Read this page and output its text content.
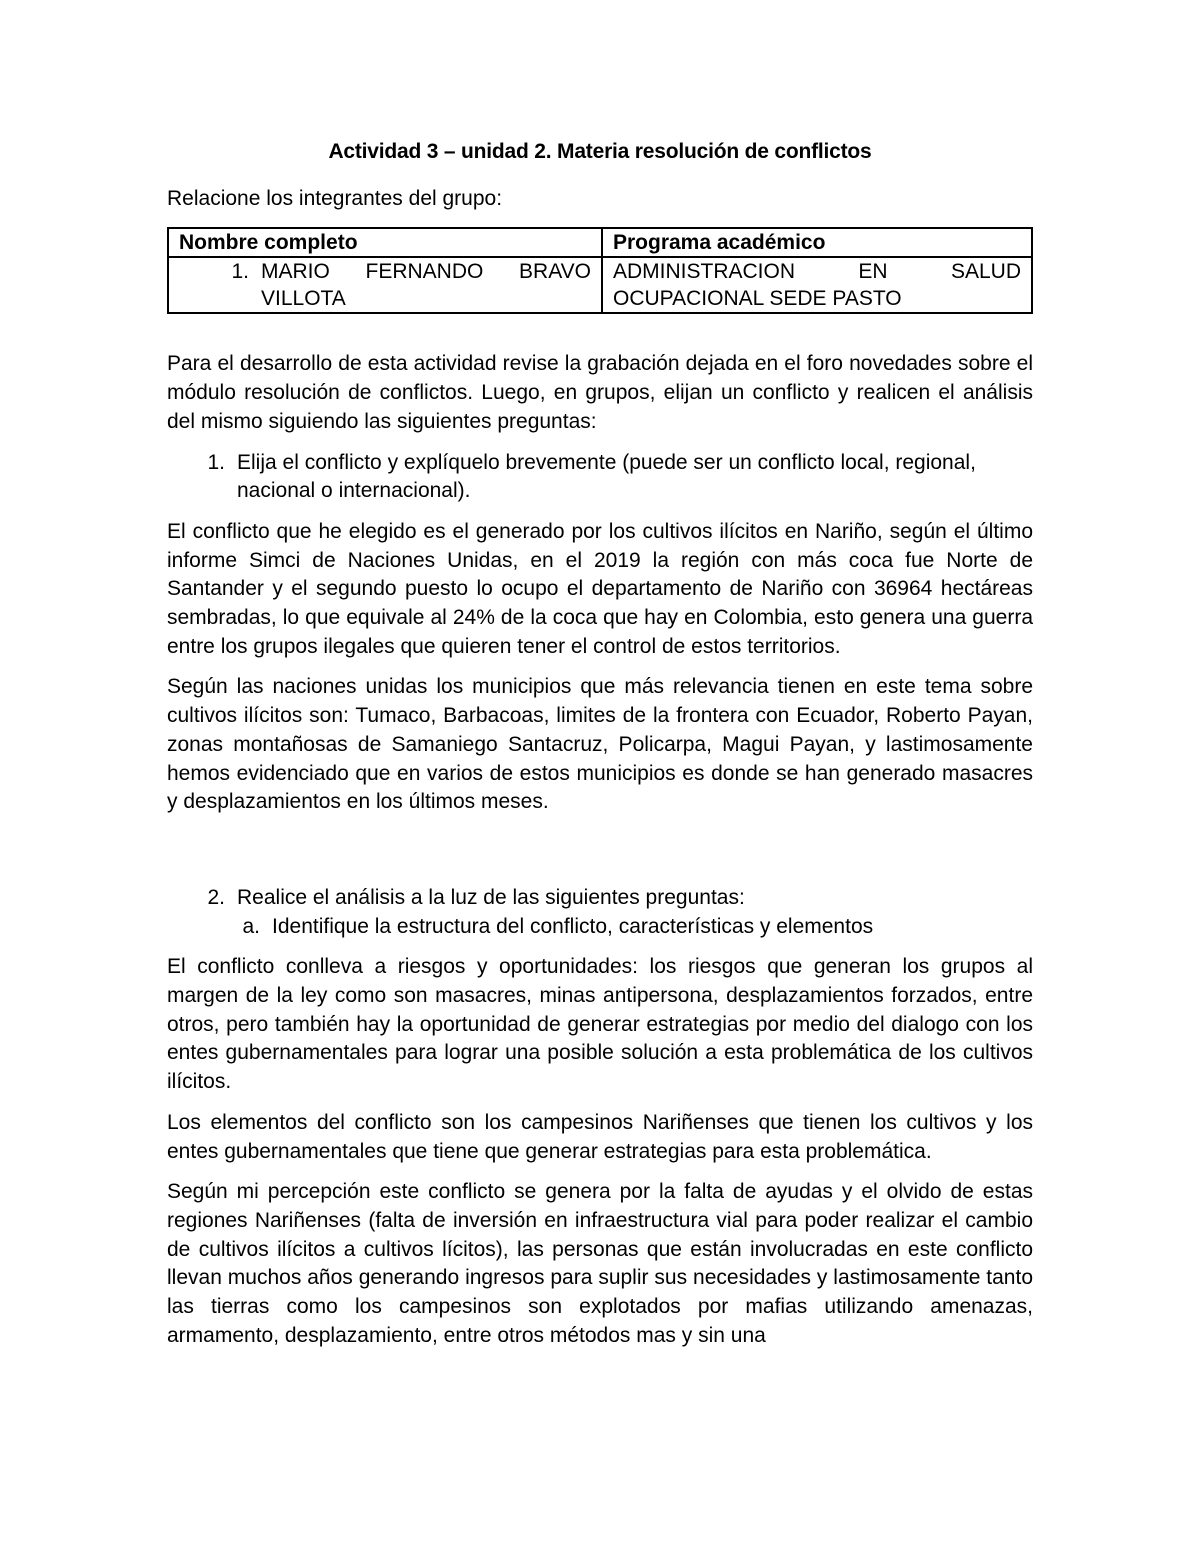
Actividad 3 – unidad 2. Materia resolución de conflictos
Relacione los integrantes del grupo:
Nombre completo	Programa académico

1. MARIO FERNANDO BRAVO VILLOTA	ADMINISTRACION EN SALUD OCUPACIONAL SEDE PASTO
Para el desarrollo de esta actividad revise la grabación dejada en el foro novedades sobre el módulo resolución de conflictos. Luego, en grupos, elijan un conflicto y realicen el análisis del mismo siguiendo las siguientes preguntas:
1. Elija el conflicto y explíquelo brevemente (puede ser un conflicto local, regional, nacional o internacional).
El conflicto que he elegido es el generado por los cultivos ilícitos en Nariño, según el último informe Simci de Naciones Unidas, en el 2019 la región con más coca fue Norte de Santander y el segundo puesto lo ocupo el departamento de Nariño con 36964 hectáreas sembradas, lo que equivale al 24% de la coca que hay en Colombia, esto genera una guerra entre los grupos ilegales que quieren tener el control de estos territorios.
Según las naciones unidas los municipios que más relevancia tienen en este tema sobre cultivos ilícitos son: Tumaco, Barbacoas, limites de la frontera con Ecuador, Roberto Payan, zonas montañosas de Samaniego Santacruz, Policarpa, Magui Payan, y lastimosamente hemos evidenciado que en varios de estos municipios es donde se han generado masacres y desplazamientos en los últimos meses.
2. Realice el análisis a la luz de las siguientes preguntas:
a. Identifique la estructura del conflicto, características y elementos
El conflicto conlleva a riesgos y oportunidades: los riesgos que generan los grupos al margen de la ley como son masacres, minas antipersona, desplazamientos forzados, entre otros, pero también hay la oportunidad de generar estrategias por medio del dialogo con los entes gubernamentales para lograr una posible solución a esta problemática de los cultivos ilícitos.
Los elementos del conflicto son los campesinos Nariñenses que tienen los cultivos y los entes gubernamentales que tiene que generar estrategias para esta problemática.
Según mi percepción este conflicto se genera por la falta de ayudas y el olvido de estas regiones Nariñenses (falta de inversión en infraestructura vial para poder realizar el cambio de cultivos ilícitos a cultivos lícitos), las personas que están involucradas en este conflicto llevan muchos años generando ingresos para suplir sus necesidades y lastimosamente tanto las tierras como los campesinos son explotados por mafias utilizando amenazas, armamento, desplazamiento, entre otros métodos mas y sin una
